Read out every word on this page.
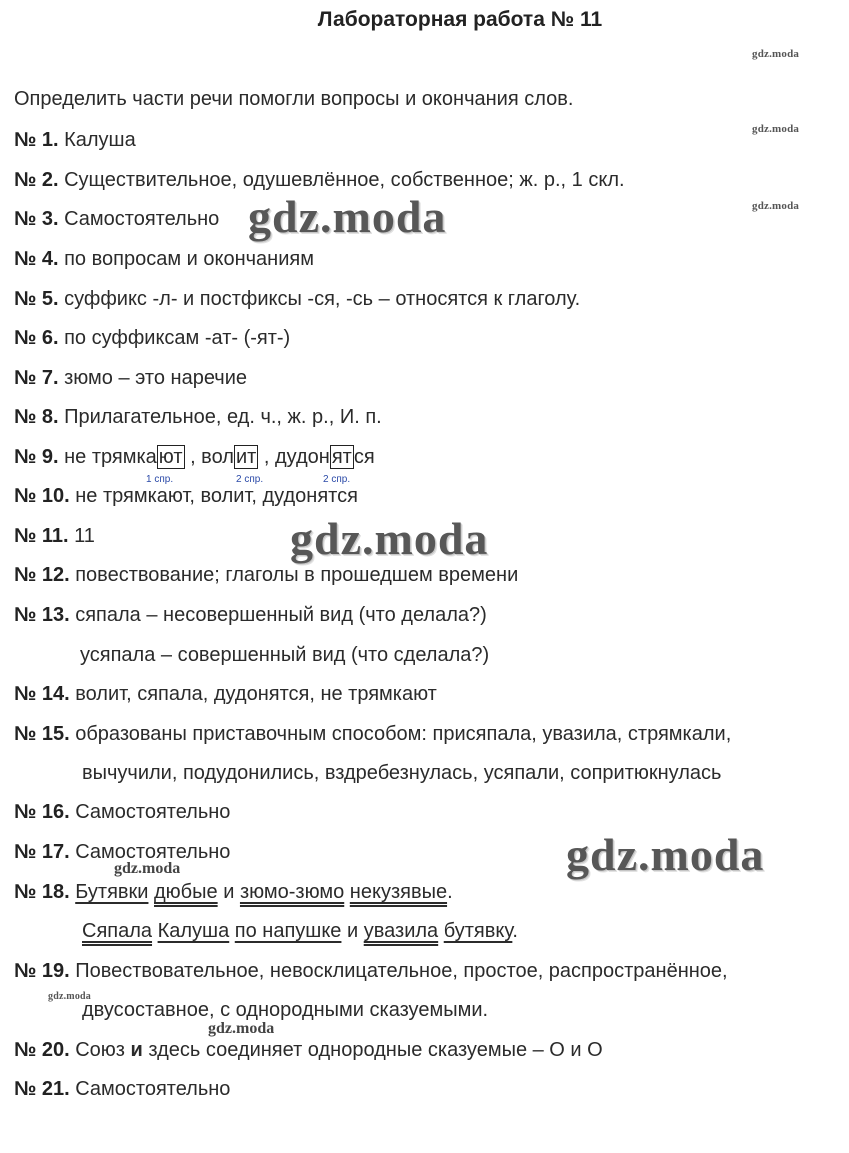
Лабораторная работа № 11
gdz.moda
gdz.moda
gdz.moda
gdz.moda
gdz.moda
gdz.moda
Определить части речи помогли вопросы и окончания слов.
№ 1. Калуша
№ 2. Существительное, одушевлённое, собственное; ж. р., 1 скл.
№ 3. Самостоятельно
№ 4. по вопросам и окончаниям
№ 5. суффикс -л- и постфиксы -ся, -сь – относятся к глаголу.
№ 6. по суффиксам -ат- (-ят-)
№ 7. зюмо – это наречие
№ 8. Прилагательное, ед. ч., ж. р., И. п.
№ 9. не трямка ют , вол ит , дудон ят ся
1 спр.	2 спр.	2 спр.
№ 10. не трямкают, волит, дудонятся
№ 11. 11
№ 12. повествование; глаголы в прошедшем времени
№ 13. сяпала – несовершенный вид (что делала?)
усяпала – совершенный вид (что сделала?)
№ 14. волит, сяпала, дудонятся, не трямкают
№ 15. образованы приставочным способом: присяпала, увазила, стрямкали,
вычучили, подудонились, вздребезнулась, усяпали, сопритюкнулась
№ 16. Самостоятельно
№ 17. Самостоятельно
№ 18. Бутявки дюбые и зюмо-зюмо некузявые.
Сяпала Калуша по напушке и увазила бутявку.
№ 19. Повествовательное, невосклицательное, простое, распространённое,
двусоставное, с однородными сказуемыми.
№ 20. Союз и здесь соединяет однородные сказуемые – О и О
№ 21. Самостоятельно
gdz.moda
gdz.moda
gdz.moda
